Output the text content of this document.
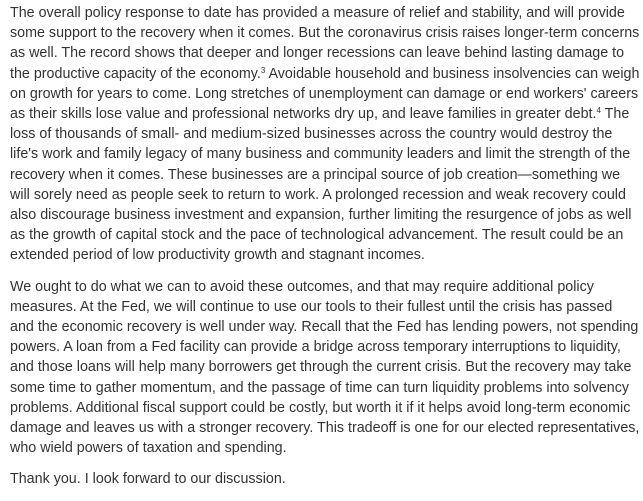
The overall policy response to date has provided a measure of relief and stability, and will provide some support to the recovery when it comes. But the coronavirus crisis raises longer-term concerns as well. The record shows that deeper and longer recessions can leave behind lasting damage to the productive capacity of the economy.$^3$ Avoidable household and business insolvencies can weigh on growth for years to come. Long stretches of unemployment can damage or end workers' careers as their skills lose value and professional networks dry up, and leave families in greater debt.$^4$ The loss of thousands of small- and medium-sized businesses across the country would destroy the life's work and family legacy of many business and community leaders and limit the strength of the recovery when it comes. These businesses are a principal source of job creation—something we will sorely need as people seek to return to work. A prolonged recession and weak recovery could also discourage business investment and expansion, further limiting the resurgence of jobs as well as the growth of capital stock and the pace of technological advancement. The result could be an extended period of low productivity growth and stagnant incomes.

We ought to do what we can to avoid these outcomes, and that may require additional policy measures. At the Fed, we will continue to use our tools to their fullest until the crisis has passed and the economic recovery is well under way. Recall that the Fed has lending powers, not spending powers. A loan from a Fed facility can provide a bridge across temporary interruptions to liquidity, and those loans will help many borrowers get through the current crisis. But the recovery may take some time to gather momentum, and the passage of time can turn liquidity problems into solvency problems. Additional fiscal support could be costly, but worth it if it helps avoid long-term economic damage and leaves us with a stronger recovery. This tradeoff is one for our elected representatives, who wield powers of taxation and spending.

Thank you. I look forward to our discussion.
